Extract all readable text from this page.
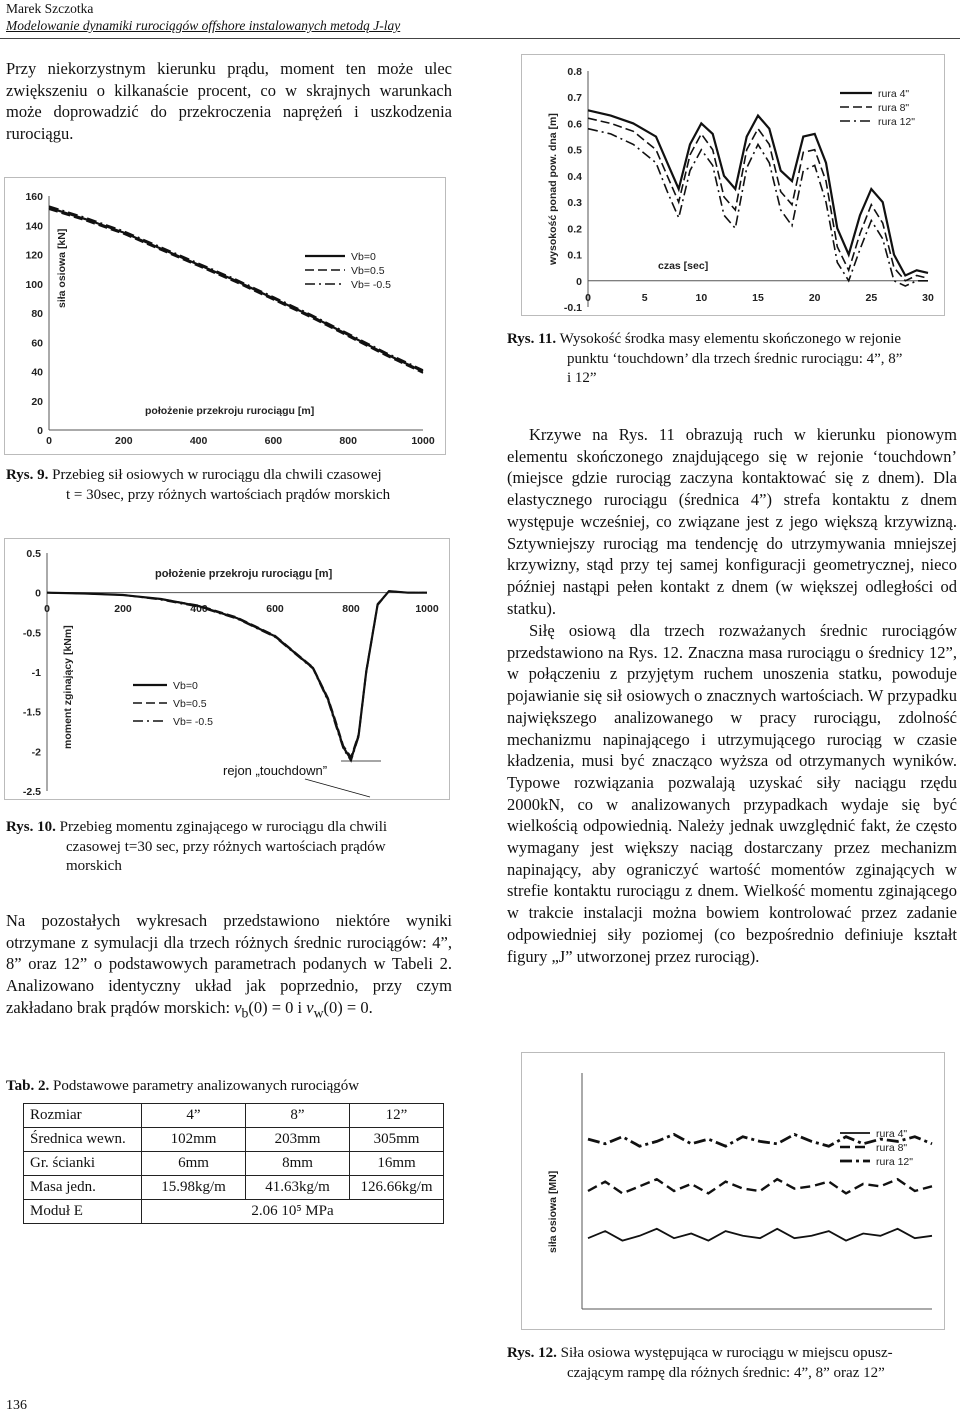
Marek Szczotka
Modelowanie dynamiki rurociągów offshore instalowanych metodą J-lay
Przy niekorzystnym kierunku prądu, moment ten może ulec zwiększeniu o kilkanaście procent, co w skrajnych warunkach może doprowadzić do przekroczenia naprężeń i uszkodzenia rurociągu.
0
20
40
60
80
100
120
140
160
0	200	400	600	800	1000
Vb=0
Vb=0.5
Vb= -0.5
położenie przekroju rurociągu [m]
siła osiowa [kN]
Rys. 9. Przebieg sił osiowych w rurociągu dla chwili czasowej
t = 30sec, przy różnych wartościach prądów morskich
0.5
0
-0.5
-1
-1.5
-2
-2.5
0	200	400	600	800	1000
położenie przekroju rurociągu [m]
moment zginający [kNm]	Vb=0
Vb=0.5
Vb= -0.5
rejon „touchdown”
Rys. 10. Przebieg momentu zginającego w rurociągu dla chwili
czasowej t=30 sec, przy różnych wartościach prądów
morskich
Na pozostałych wykresach przedstawiono niektóre wyniki otrzymane z symulacji dla trzech różnych średnic rurociągów: 4”, 8” oraz 12” o podstawowych parametrach podanych w Tabeli 2. Analizowano identyczny układ jak poprzednio, przy czym zakładano brak prądów morskich: $v_b(0) = 0$ i $v_w(0) = 0$.
Tab. 2. Podstawowe parametry analizowanych rurociągów
Rozmiar	4”	8”	12”
Średnica wewn.	102mm	203mm	305mm
Gr. ścianki	6mm	8mm	16mm
Masa jedn.	15.98kg/m	41.63kg/m	126.66kg/m
Moduł E	2.06 10⁵ MPa		
0.8
0.7
0.6
0.5
0.4
0.3
0.2
0.1
0
-0.1
0	5	10	15	20	25	30
rura 4"
rura 8"
rura 12"
czas [sec]
wysokość ponad pow. dna [m]
Rys. 11. Wysokość środka masy elementu skończonego w rejonie
punktu ‘touchdown’ dla trzech średnic rurociągu: 4”, 8”
i 12”
Krzywe na Rys. 11 obrazują ruch w kierunku pionowym elementu skończonego znajdującego się w rejonie ‘touchdown’ (miejsce gdzie rurociąg zaczyna kontaktować się z dnem). Dla elastycznego rurociągu (średnica 4”) strefa kontaktu z dnem występuje wcześniej, co związane jest z jego większą krzywizną. Sztywniejszy rurociąg ma tendencję do utrzymywania mniejszej krzywizny, stąd przy tej samej konfiguracji geometrycznej, nieco później nastąpi pełen kontakt z dnem (w większej odległości od statku).
Siłę osiową dla trzech rozważanych średnic rurociągów przedstawiono na Rys. 12. Znaczna masa rurociągu o średnicy 12”, w połączeniu z przyjętym ruchem unoszenia statku, powoduje pojawianie się sił osiowych o znacznych wartościach. W przypadku największego analizowanego w pracy rurociągu, zdolność mechanizmu napinającego i utrzymującego rurociąg w czasie kładzenia, musi być znacząco wyższa od otrzymanych wyników. Typowe rozwiązania pozwalają uzyskać siły naciągu rzędu 2000kN, co w analizowanych przypadkach wydaje się być wielkością odpowiednią. Należy jednak uwzględnić fakt, że często wymagany jest większy naciąg dostarczany przez mechanizm napinający, aby ograniczyć wartość momentów zginających w strefie kontaktu rurociągu z dnem. Wielkość momentu zginającego w trakcie instalacji można bowiem kontrolować przez zadanie odpowiedniej siły poziomej (co bezpośrednio definiuje kształt figury „J” utworzonej przez rurociąg).
siła osiowa [MN]
rura 4"
rura 8"
rura 12"
Rys. 12. Siła osiowa występująca w rurociągu w miejscu opusz-
czającym rampę dla różnych średnic: 4”, 8” oraz 12”
136
